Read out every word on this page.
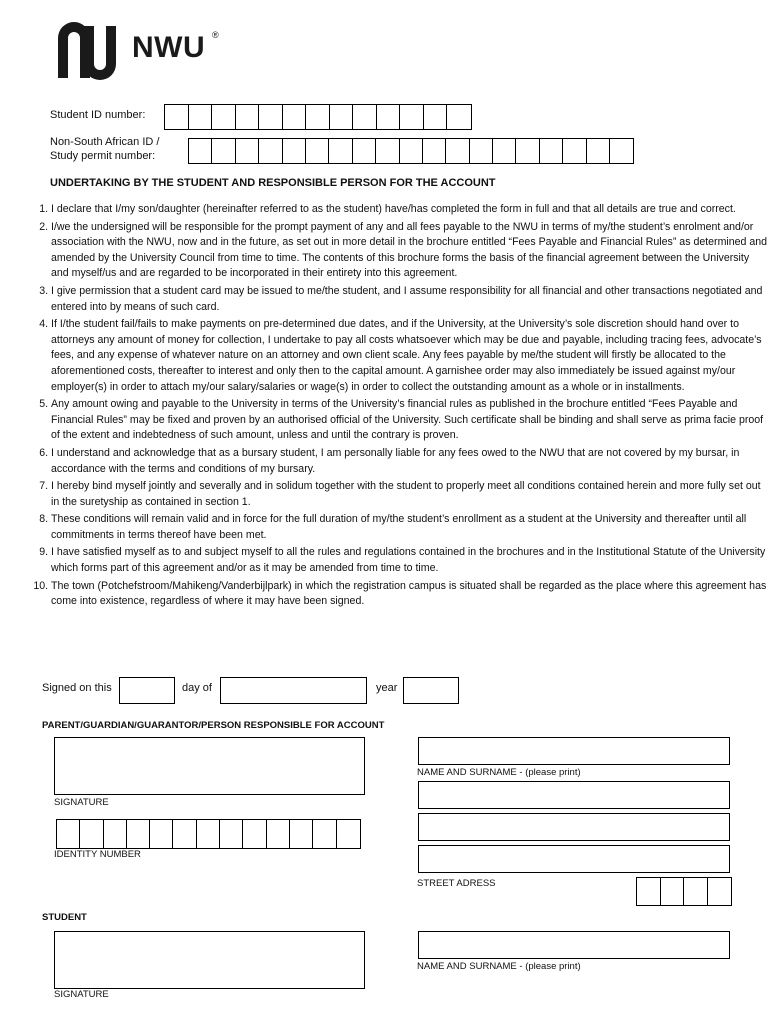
NWU ®
Student ID number:
Non-South African ID /
Study permit number:
UNDERTAKING BY THE STUDENT AND RESPONSIBLE PERSON FOR THE ACCOUNT
1. I declare that I/my son/daughter (hereinafter referred to as the student) have/has completed the form in full and that all details are true and correct.
2. I/we the undersigned will be responsible for the prompt payment of any and all fees payable to the NWU in terms of my/the student’s enrolment and/or association with the NWU, now and in the future, as set out in more detail in the brochure entitled “Fees Payable and Financial Rules” as determined and amended by the University Council from time to time. The contents of this brochure forms the basis of the financial agreement between the University and myself/us and are regarded to be incorporated in their entirety into this agreement.
3. I give permission that a student card may be issued to me/the student, and I assume responsibility for all financial and other transactions negotiated and entered into by means of such card.
4. If I/the student fail/fails to make payments on pre-determined due dates, and if the University, at the University’s sole discretion should hand over to attorneys any amount of money for collection, I undertake to pay all costs whatsoever which may be due and payable, including tracing fees, advocate’s fees, and any expense of whatever nature on an attorney and own client scale. Any fees payable by me/the student will firstly be allocated to the aforementioned costs, thereafter to interest and only then to the capital amount. A garnishee order may also immediately be issued against my/our employer(s) in order to attach my/our salary/salaries or wage(s) in order to collect the outstanding amount as a whole or in installments.
5. Any amount owing and payable to the University in terms of the University’s financial rules as published in the brochure entitled “Fees Payable and Financial Rules” may be fixed and proven by an authorised official of the University. Such certificate shall be binding and shall serve as prima facie proof of the extent and indebtedness of such amount, unless and until the contrary is proven.
6. I understand and acknowledge that as a bursary student, I am personally liable for any fees owed to the NWU that are not covered by my bursar, in accordance with the terms and conditions of my bursary.
7. I hereby bind myself jointly and severally and in solidum together with the student to properly meet all conditions contained herein and more fully set out in the suretyship as contained in section 1.
8. These conditions will remain valid and in force for the full duration of my/the student’s enrollment as a student at the University and thereafter until all commitments in terms thereof have been met.
9. I have satisfied myself as to and subject myself to all the rules and regulations contained in the brochures and in the Institutional Statute of the University which forms part of this agreement and/or as it may be amended from time to time.
10. The town (Potchefstroom/Mahikeng/Vanderbijlpark) in which the registration campus is situated shall be regarded as the place where this agreement has come into existence, regardless of where it may have been signed.
Signed on this	day of	year
PARENT/GUARDIAN/GUARANTOR/PERSON RESPONSIBLE FOR ACCOUNT
SIGNATURE
IDENTITY NUMBER
NAME AND SURNAME - (please print)
STREET ADRESS
STUDENT
SIGNATURE
NAME AND SURNAME - (please print)
